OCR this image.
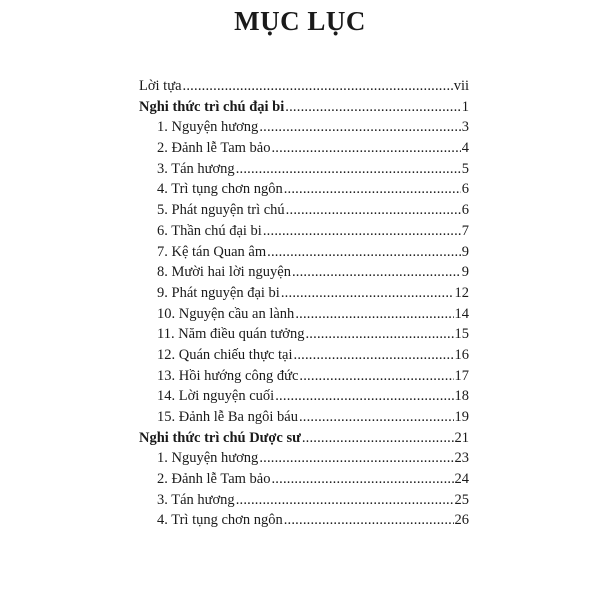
MỤC LỤC
Lời tựa .....	vii
Nghi thức trì chú đại bi .....	1
1. Nguyện hương .....	3
2. Đảnh lễ Tam bảo .....	4
3. Tán hương .....	5
4. Trì tụng chơn ngôn .....	6
5. Phát nguyện trì chú .....	6
6. Thần chú đại bi .....	7
7. Kệ tán Quan âm .....	9
8. Mười hai lời nguyện .....	9
9. Phát nguyện đại bi .....	12
10. Nguyện cầu an lành .....	14
11. Năm điều quán tưởng .....	15
12. Quán chiếu thực tại .....	16
13. Hồi hướng công đức .....	17
14. Lời nguyện cuối .....	18
15. Đảnh lễ Ba ngôi báu .....	19
Nghi thức trì chú Dược sư .....	21
1. Nguyện hương .....	23
2. Đảnh lễ Tam bảo .....	24
3. Tán hương .....	25
4. Trì tụng chơn ngôn .....	26
